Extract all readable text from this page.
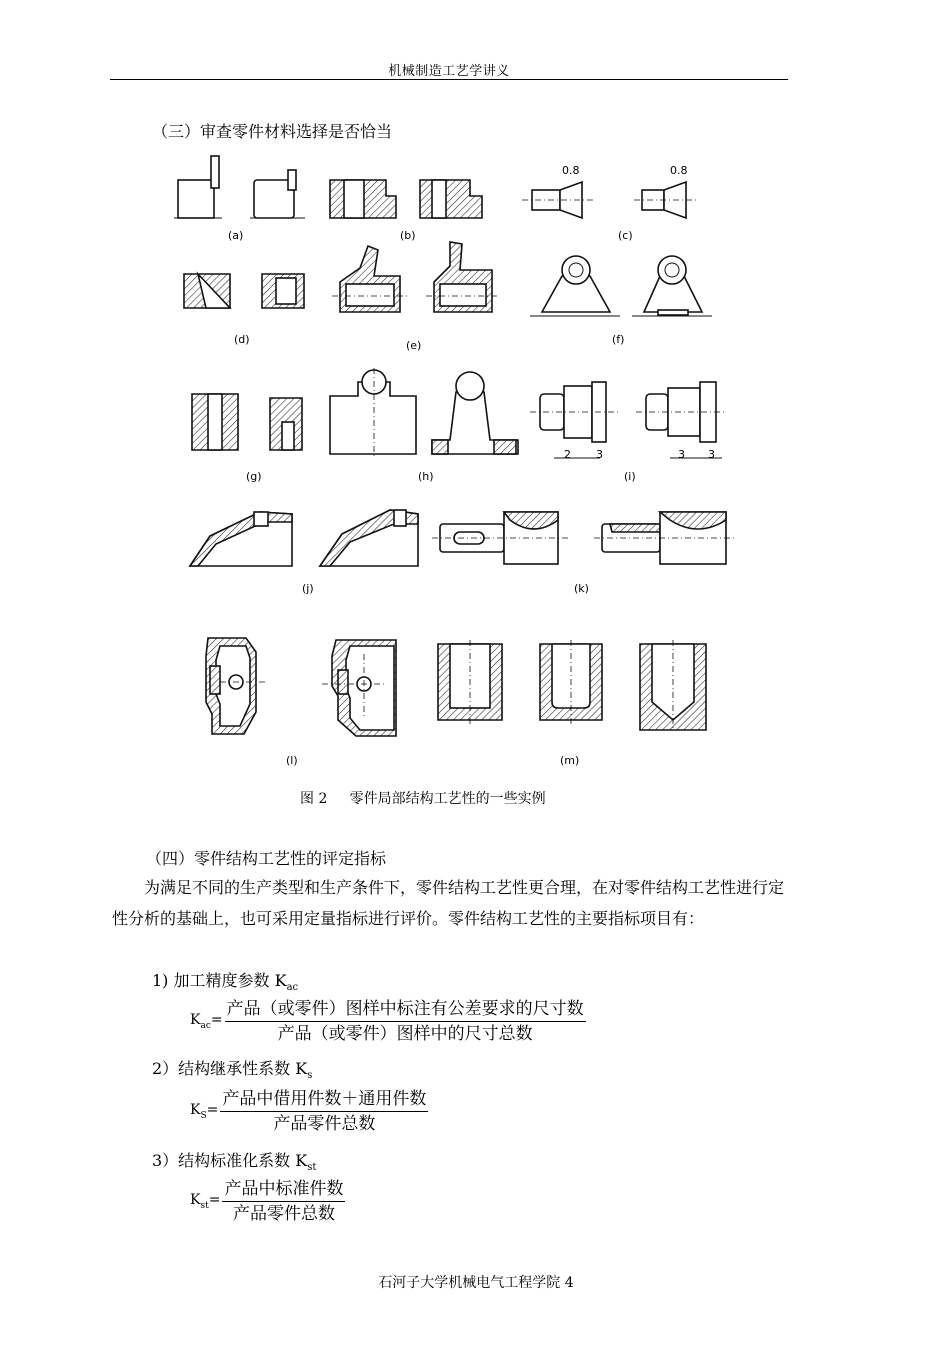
机械制造工艺学讲义
（三）审查零件材料选择是否恰当
0.8	0.8
(a)	(b)	(c)
(d)	(e)	(f)
2 3	3 3
(g)	(h)	(i)
(j)	(k)
(l)	(m)
图 2     零件局部结构工艺性的一些实例
（四）零件结构工艺性的评定指标
为满足不同的生产类型和生产条件下，零件结构工艺性更合理，在对零件结构工艺性进行定性分析的基础上，也可采用定量指标进行评价。零件结构工艺性的主要指标项目有：
1) 加工精度参数 $K_{ac}$
$K_{ac}= \frac{\text{产品（或零件）图样中标注有公差要求的尺寸数}}{\text{产品（或零件）图样中的尺寸总数}}$
2）结构继承性系数 $K_s$
$K_S= \frac{\text{产品中借用件数＋通用件数}}{\text{产品零件总数}}$
3）结构标准化系数 $K_{st}$
$K_{st}= \frac{\text{产品中标准件数}}{\text{产品零件总数}}$
石河子大学机械电气工程学院 4
